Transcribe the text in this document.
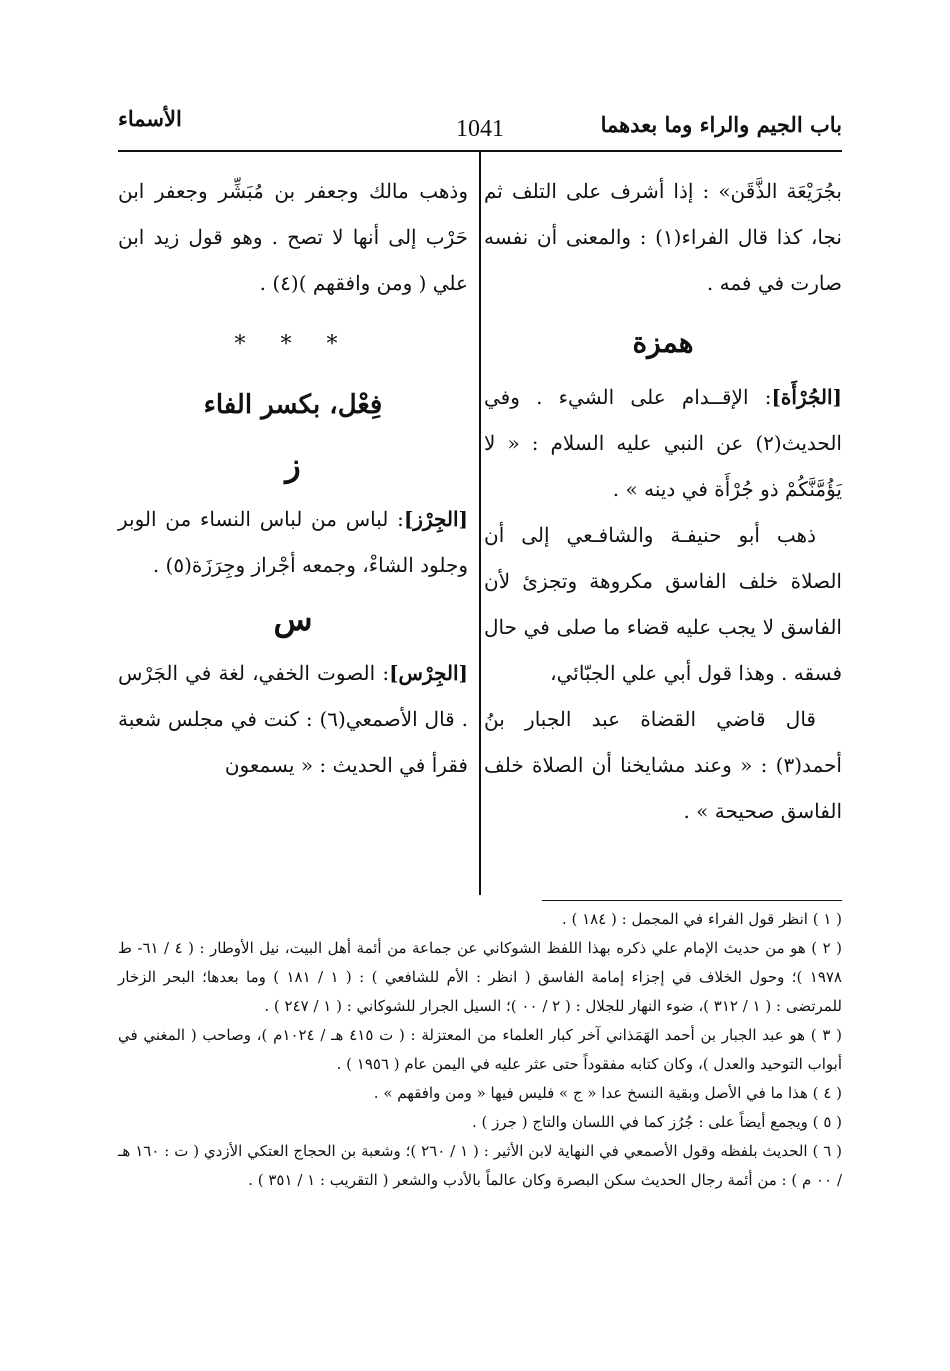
باب الجيم والراء وما بعدهما
1041
الأسماء

بجُرَيْعَة الذَّقَن» : إذا أشرف على التلف ثم نجا، كذا قال الفراء(١) : والمعنى أن نفسه صارت في فمه .

همزة

[الجُرْأَة]: الإقــدام على الشيء . وفي الحديث(٢) عن النبي عليه السلام : « لا يَؤُمَّنَّكُمْ ذو جُرْأَة في دينه » .

ذهب أبو حنيفـة والشافـعي إلى أن الصلاة خلف الفاسق مكروهة وتجزئ لأن الفاسق لا يجب عليه قضاء ما صلى في حال فسقه . وهذا قول أبي علي الجبّائي،

قال قاضي القضاة عبد الجبار بنُ أحمد(٣) : « وعند مشايخنا أن الصلاة خلف الفاسق صحيحة » .

وذهب مالك وجعفر بن مُبَشِّر وجعفر ابن حَرْب إلى أنها لا تصح . وهو قول زيد ابن علي ( ومن وافقهم )(٤) .

* * *
فِعْل، بكسر الفاء
ز

[الجِرْز]: لباس من لباس النساء من الوبر وجلود الشاءْ، وجمعه أجْراز وجِرَزَة(٥) .

س

[الجِرْس]: الصوت الخفي، لغة في الجَرْس . قال الأصمعي(٦) : كنت في مجلس شعبة فقرأ في الحديث : « يسمعون

( ١ ) انظر قول الفراء في المجمل : ( ١٨٤ ) .

( ٢ ) هو من حديث الإمام علي ذكره بهذا اللفظ الشوكاني عن جماعة من أئمة أهل البيت، نيل الأوطار : ( ٤ / ٦١- ط ١٩٧٨ )؛ وحول الخلاف في إجزاء إمامة الفاسق ( انظر : الأم للشافعي ) : ( ١ / ١٨١ ) وما بعدها؛ البحر الزخار للمرتضى : ( ١ / ٣١٢ )، ضوء النهار للجلال : ( ٢ / ٠٠ )؛ السيل الجرار للشوكاني : ( ١ / ٢٤٧ ) .

( ٣ ) هو عبد الجبار بن أحمد الهَمَذاني آخر كبار العلماء من المعتزلة : ( ت ٤١٥ هـ / ١٠٢٤م )، وصاحب ( المغني في أبواب التوحيد والعدل )، وكان كتابه مفقوداً حتى عثر عليه في اليمن عام ( ١٩٥٦ ) .

( ٤ ) هذا ما في الأصل وبقية النسخ عدا « ج » فليس فيها « ومن وافقهم » .

( ٥ ) ويجمع أيضاً على : جُرُز كما في اللسان والتاج ( جرز ) .

( ٦ ) الحديث بلفظه وقول الأصمعي في النهاية لابن الأثير : ( ١ / ٢٦٠ )؛ وشعبة بن الحجاج العتكي الأزدي ( ت : ١٦٠ هـ / ٠٠ م ) : من أئمة رجال الحديث سكن البصرة وكان عالماً بالأدب والشعر ( التقريب : ١ / ٣٥١ ) .
